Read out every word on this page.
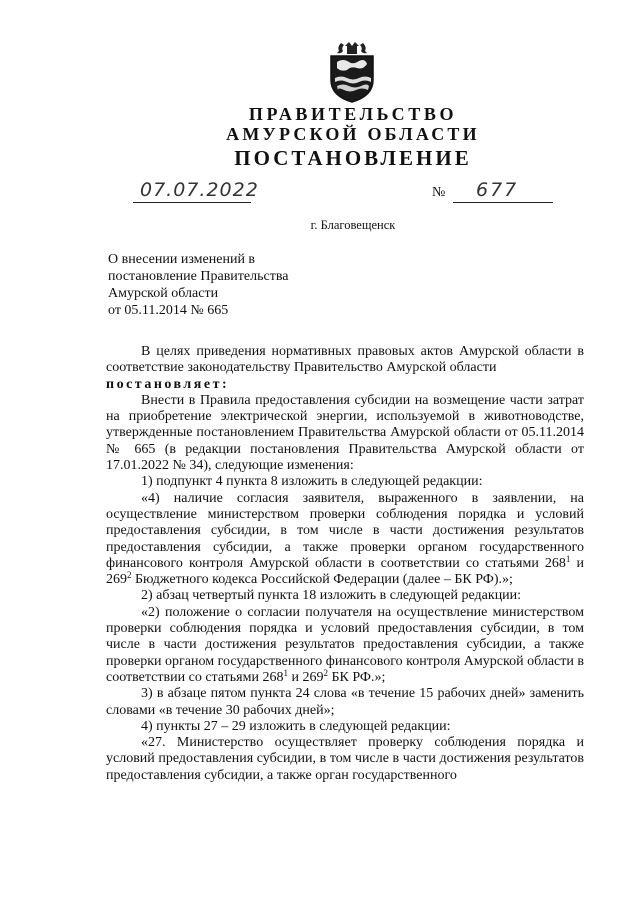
ПРАВИТЕЛЬСТВО
АМУРСКОЙ ОБЛАСТИ
ПОСТАНОВЛЕНИЕ
07.07.2022	№ 677
г. Благовещенск
О внесении изменений в
постановление Правительства
Амурской области
от 05.11.2014 № 665

В целях приведения нормативных правовых актов Амурской области в соответствие законодательству Правительство Амурской области

постановляет:

Внести в Правила предоставления субсидии на возмещение части затрат на приобретение электрической энергии, используемой в животноводстве, утвержденные постановлением Правительства Амурской области от 05.11.2014 № 665 (в редакции постановления Правительства Амурской области от 17.01.2022 № 34), следующие изменения:

1) подпункт 4 пункта 8 изложить в следующей редакции:

«4) наличие согласия заявителя, выраженного в заявлении, на осуществление министерством проверки соблюдения порядка и условий предоставления субсидии, в том числе в части достижения результатов предоставления субсидии, а также проверки органом государственного финансового контроля Амурской области в соответствии со статьями $268^1$ и $269^2$ Бюджетного кодекса Российской Федерации (далее – БК РФ).»;

2) абзац четвертый пункта 18 изложить в следующей редакции:

«2) положение о согласии получателя на осуществление министерством проверки соблюдения порядка и условий предоставления субсидии, в том числе в части достижения результатов предоставления субсидии, а также проверки органом государственного финансового контроля Амурской области в соответствии со статьями $268^1$ и $269^2$ БК РФ.»;

3) в абзаце пятом пункта 24 слова «в течение 15 рабочих дней» заменить словами «в течение 30 рабочих дней»;

4) пункты 27 – 29 изложить в следующей редакции:

«27. Министерство осуществляет проверку соблюдения порядка и условий предоставления субсидии, в том числе в части достижения результатов предоставления субсидии, а также орган государственного
